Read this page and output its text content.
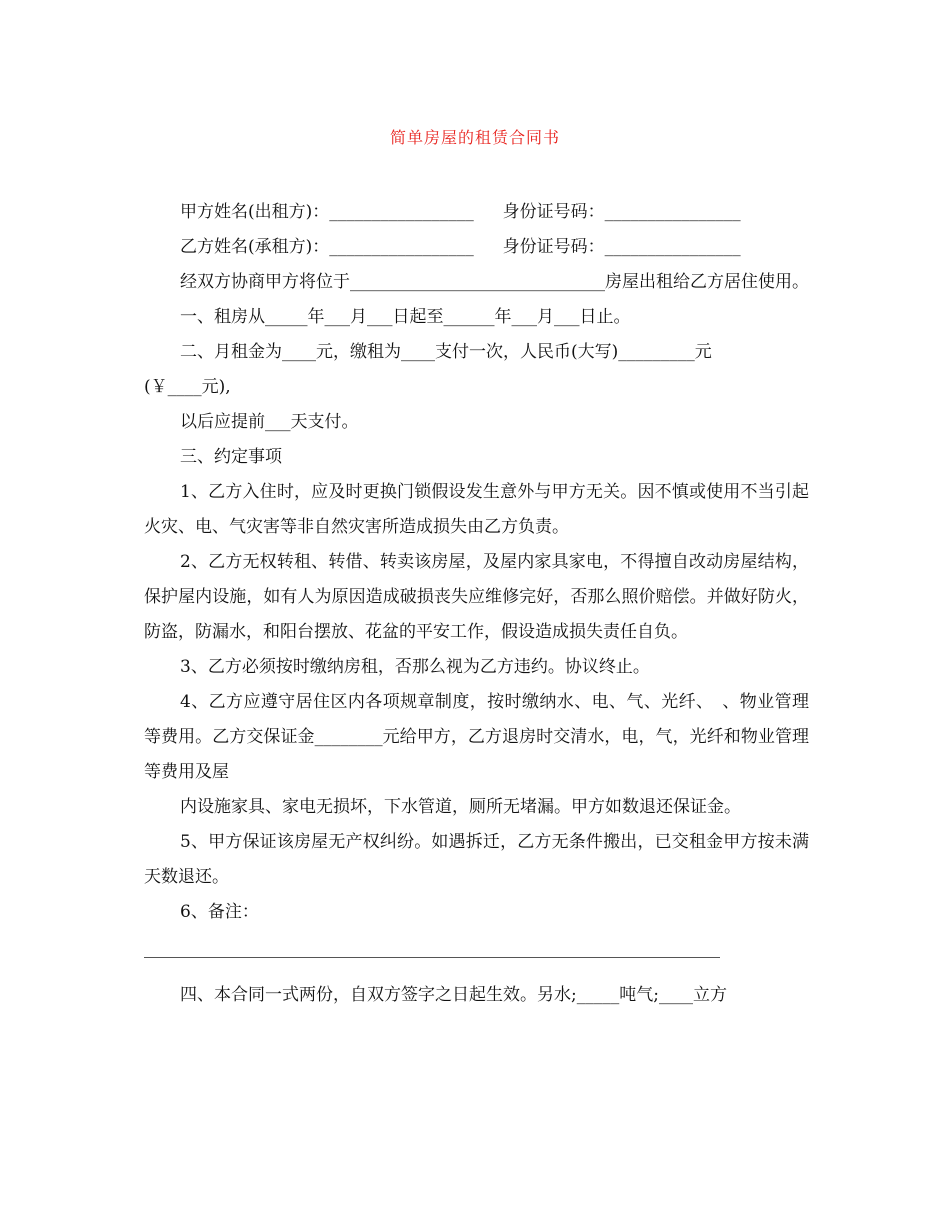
简单房屋的租赁合同书
甲方姓名(出租方)：_________________ 身份证号码：________________
乙方姓名(承租方)：_________________ 身份证号码：________________
经双方协商甲方将位于______________________________房屋出租给乙方居住使用。
一、租房从_____年___月___日起至______年___月___日止。
二、月租金为____元，缴租为____支付一次，人民币(大写)_________元
(￥____元),
以后应提前___天支付。
三、约定事项
1、乙方入住时，应及时更换门锁假设发生意外与甲方无关。因不慎或使用不当引起火灾、电、气灾害等非自然灾害所造成损失由乙方负责。
2、乙方无权转租、转借、转卖该房屋，及屋内家具家电，不得擅自改动房屋结构，保护屋内设施，如有人为原因造成破损丧失应维修完好，否那么照价赔偿。并做好防火，防盗，防漏水，和阳台摆放、花盆的平安工作，假设造成损失责任自负。
3、乙方必须按时缴纳房租，否那么视为乙方违约。协议终止。
4、乙方应遵守居住区内各项规章制度，按时缴纳水、电、气、光纤、　、物业管理等费用。乙方交保证金________元给甲方，乙方退房时交清水，电，气，光纤和物业管理等费用及屋
内设施家具、家电无损坏，下水管道，厕所无堵漏。甲方如数退还保证金。
5、甲方保证该房屋无产权纠纷。如遇拆迁，乙方无条件搬出，已交租金甲方按未满天数退还。
6、备注：
四、本合同一式两份，自双方签字之日起生效。另水;_____吨气;____立方
